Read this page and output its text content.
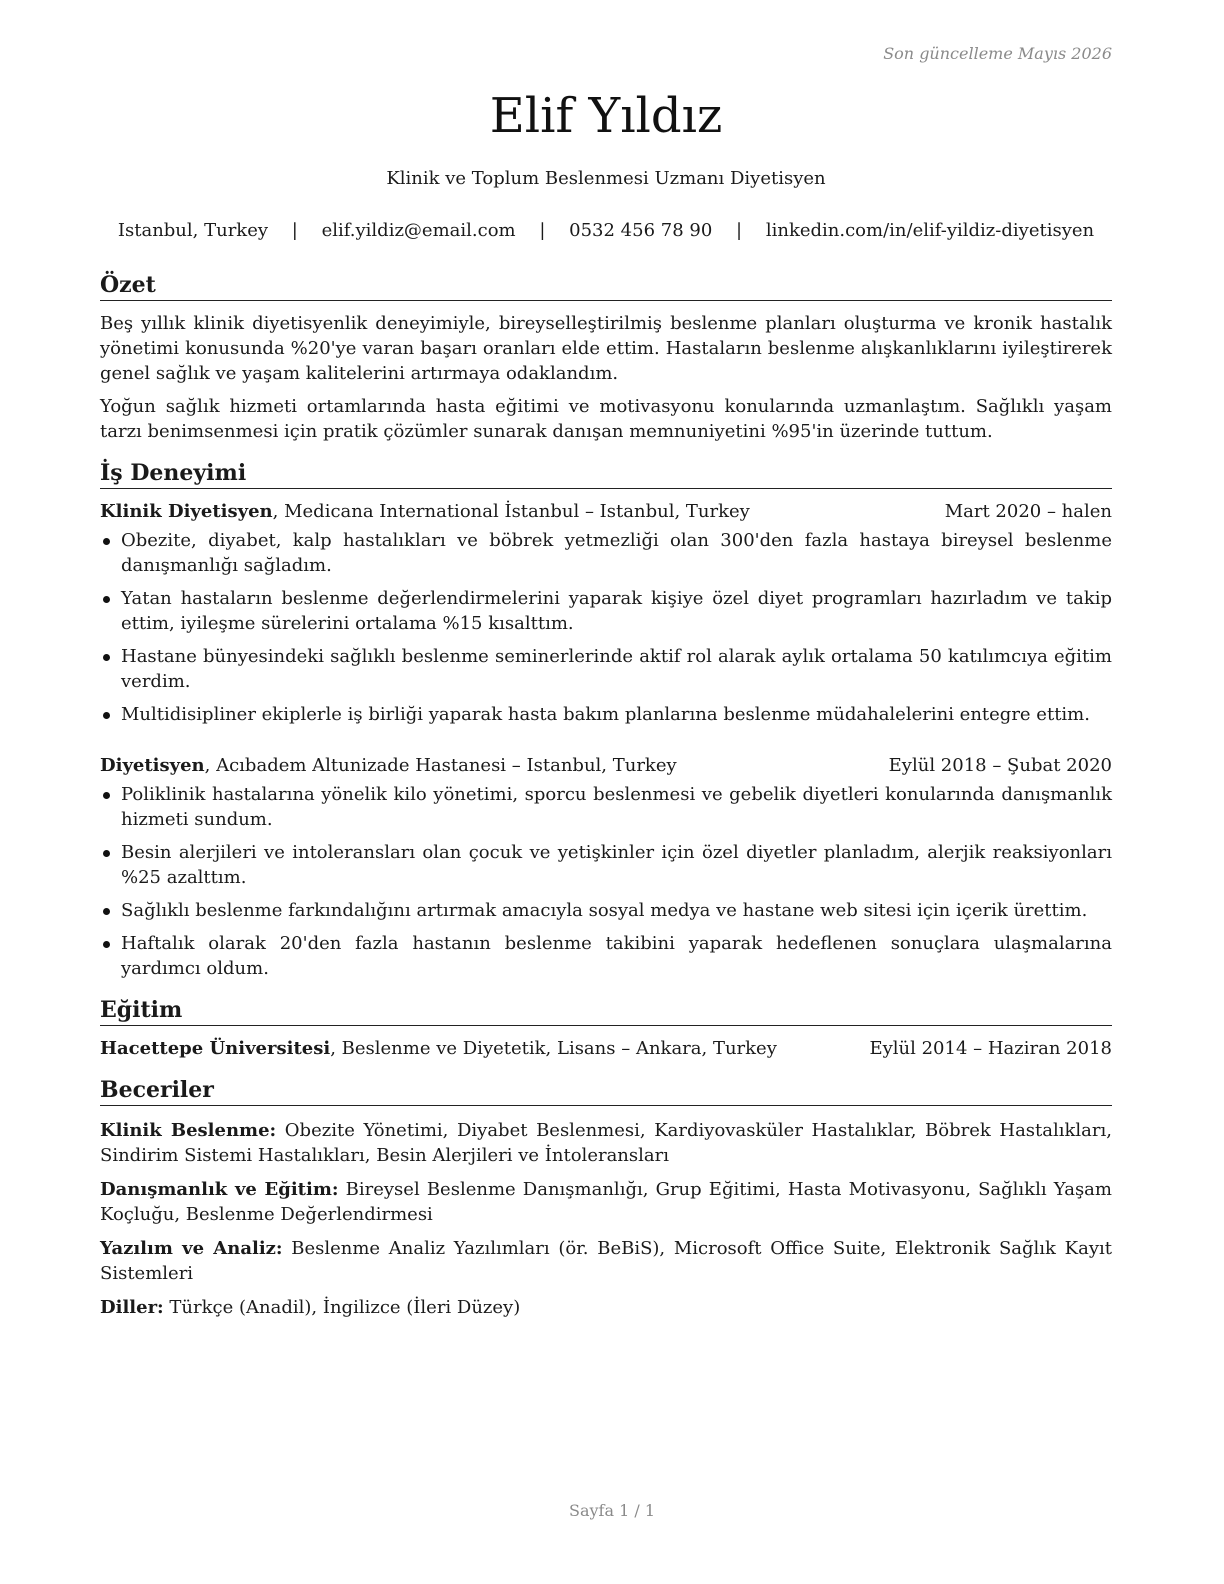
Son güncelleme Mayıs 2026
Elif Yıldız
Klinik ve Toplum Beslenmesi Uzmanı Diyetisyen
Istanbul, Turkey | elif.yildiz@email.com | 0532 456 78 90 | linkedin.com/in/elif-yildiz-diyetisyen
Özet

Beş yıllık klinik diyetisyenlik deneyimiyle, bireyselleştirilmiş beslenme planları oluşturma ve kronik hastalık yönetimi konusunda %20'ye varan başarı oranları elde ettim. Hastaların beslenme alışkanlıklarını iyileştirerek genel sağlık ve yaşam kalitelerini artırmaya odaklandım.

Yoğun sağlık hizmeti ortamlarında hasta eğitimi ve motivasyonu konularında uzmanlaştım. Sağlıklı yaşam tarzı benimsenmesi için pratik çözümler sunarak danışan memnuniyetini %95'in üzerinde tuttum.

İş Deneyimi
Klinik Diyetisyen, Medicana International İstanbul – Istanbul, Turkey	Mart 2020 – halen
Obezite, diyabet, kalp hastalıkları ve böbrek yetmezliği olan 300'den fazla hastaya bireysel beslenme danışmanlığı sağladım.
Yatan hastaların beslenme değerlendirmelerini yaparak kişiye özel diyet programları hazırladım ve takip ettim, iyileşme sürelerini ortalama %15 kısalttım.
Hastane bünyesindeki sağlıklı beslenme seminerlerinde aktif rol alarak aylık ortalama 50 katılımcıya eğitim verdim.
Multidisipliner ekiplerle iş birliği yaparak hasta bakım planlarına beslenme müdahalelerini entegre ettim.
Diyetisyen, Acıbadem Altunizade Hastanesi – Istanbul, Turkey	Eylül 2018 – Şubat 2020
Poliklinik hastalarına yönelik kilo yönetimi, sporcu beslenmesi ve gebelik diyetleri konularında danışmanlık hizmeti sundum.
Besin alerjileri ve intoleransları olan çocuk ve yetişkinler için özel diyetler planladım, alerjik reaksiyonları %25 azalttım.
Sağlıklı beslenme farkındalığını artırmak amacıyla sosyal medya ve hastane web sitesi için içerik ürettim.
Haftalık olarak 20'den fazla hastanın beslenme takibini yaparak hedeflenen sonuçlara ulaşmalarına yardımcı oldum.
Eğitim
Hacettepe Üniversitesi, Beslenme ve Diyetetik, Lisans – Ankara, Turkey	Eylül 2014 – Haziran 2018
Beceriler
Klinik Beslenme: Obezite Yönetimi, Diyabet Beslenmesi, Kardiyovasküler Hastalıklar, Böbrek Hastalıkları, Sindirim Sistemi Hastalıkları, Besin Alerjileri ve İntoleransları
Danışmanlık ve Eğitim: Bireysel Beslenme Danışmanlığı, Grup Eğitimi, Hasta Motivasyonu, Sağlıklı Yaşam Koçluğu, Beslenme Değerlendirmesi
Yazılım ve Analiz: Beslenme Analiz Yazılımları (ör. BeBiS), Microsoft Office Suite, Elektronik Sağlık Kayıt Sistemleri
Diller: Türkçe (Anadil), İngilizce (İleri Düzey)
Sayfa 1 / 1
